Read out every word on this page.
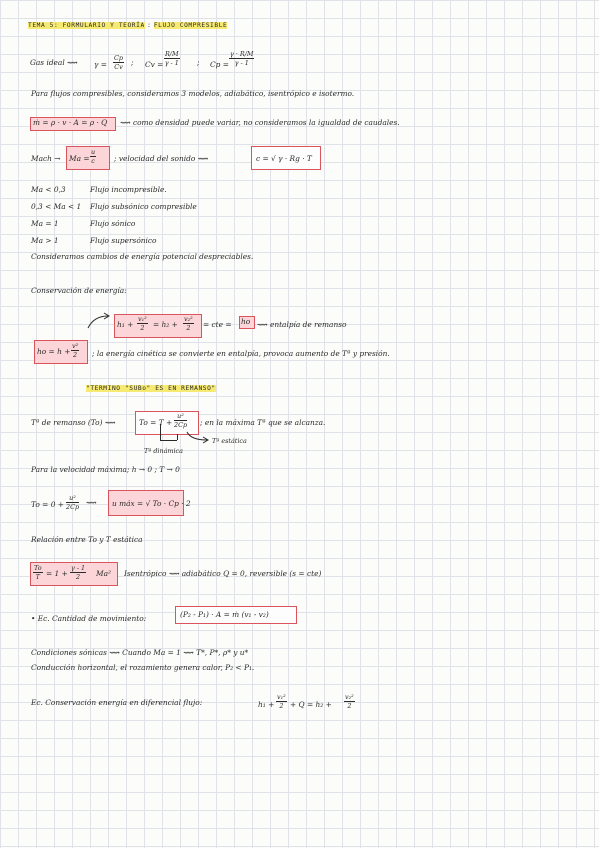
TEMA 5: FORMULARIO Y TEORÍA : FLUJO COMPRESIBLE
Gas ideal ⟿ $\gamma = \frac{Cp}{Cv}$ ; $Cv = \frac{R/M}{\gamma - 1}$ ; $Cp = \frac{\gamma \cdot R/M}{\gamma - 1}$
Para flujos compresibles, consideramos 3 modelos, adiabático, isentrópico e isotermo.
ṁ = ρ · v · A = ρ · Q ⟿ como densidad puede variar, no consideramos la igualdad de caudales.
Mach → $Ma = \frac{u}{c}$ ; velocidad del sonido ⟿	c = √ γ · Rg · T
Ma < 0,3	Flujo incompresible.
0,3 < Ma < 1 Flujo subsónico compresible
Ma = 1	Flujo sónico
Ma > 1	Flujo supersónico
Consideramos cambios de energía potencial despreciables.
Conservación de energía:
$h_1 + \frac{\text{v₁²}}{2} = h_2 + \frac{\text{v₂²}}{2}$ = cte = ho ⟿ entalpía de remanso
ho = $h + \frac{\text{v²}}{2}$ ; la energía cinética se convierte en entalpía, provoca aumento de Tª y presión.
"TERMINO "SUBo" ES EN REMANSO"
Tª de remanso (To) ⟿	$To = T + \frac{\text{u²}}{2Cp}$ ; en la máxima Tª que se alcanza.
Tª estática
Tª dinámica
Para la velocidad máxima; h → 0 ; T → 0
$To = 0 + \frac{\text{u²}}{2Cp}$ ⟿ u máx = √ To · Cp · 2
Relación entre To y T estática
$\frac{To}{T} = 1 + \frac{\gamma - 1}{2} Ma^2$ Isentrópico ⟿ adiabático Q = 0, reversible (s = cte)
• Ec. Cantidad de movimiento:	(P₂ - P₁) · A = ṁ (v₁ - v₂)
Condiciones sónicas ⟿ Cuando Ma = 1 ⟿ T*, P*, ρ* y u*
Conducción horizontal, el rozamiento genera calor, P₂ < P₁.
Ec. Conservación energía en diferencial flujo:	$h_1 + \frac{\text{v₁²}}{2} + Q = h_2 + \frac{\text{v₂²}}{2}$
